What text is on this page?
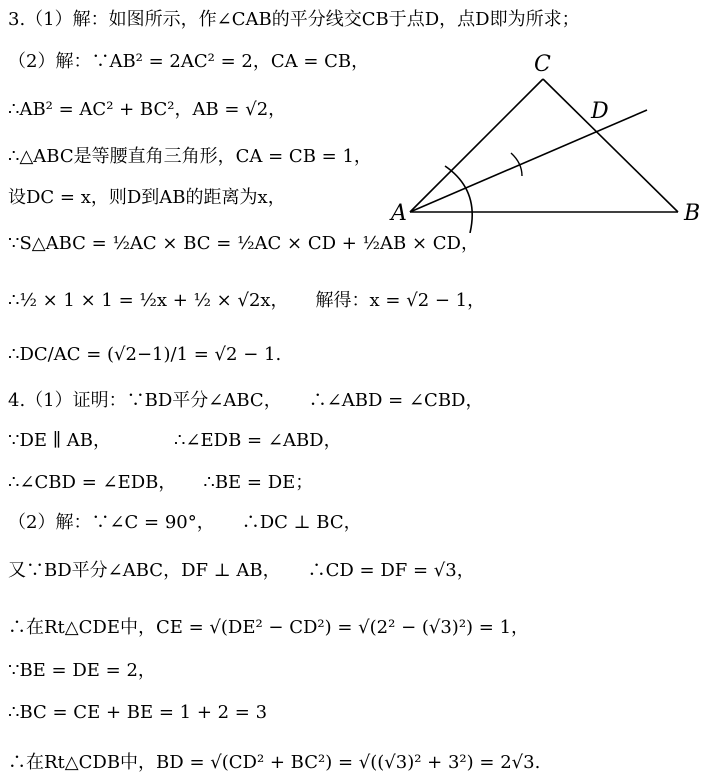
3.（1）解：如图所示，作∠CAB的平分线交CB于点D，点D即为所求；
（2）解：∵AB² = 2AC² = 2，CA = CB，
∴AB² = AC² + BC²，AB = √2，
∴△ABC是等腰直角三角形，CA = CB = 1，
设DC = x，则D到AB的距离为x，
∵S△ABC = ½AC × BC = ½AC × CD + ½AB × CD，
∴½ × 1 × 1 = ½x + ½ × √2x，　　解得：x = √2 − 1，
∴DC/AC = (√2−1)/1 = √2 − 1.
4.（1）证明：∵BD平分∠ABC，　　∴∠ABD = ∠CBD，
∵DE ∥ AB，　　　　∴∠EDB = ∠ABD，
∴∠CBD = ∠EDB，　　∴BE = DE；
（2）解：∵∠C = 90°，　　∴DC ⊥ BC，
又∵BD平分∠ABC，DF ⊥ AB，　　∴CD = DF = √3，
∴在Rt△CDE中，CE = √(DE² − CD²) = √(2² − (√3)²) = 1，
∵BE = DE = 2，
∴BC = CE + BE = 1 + 2 = 3
∴在Rt△CDB中，BD = √(CD² + BC²) = √((√3)² + 3²) = 2√3.
C
D
A	B
